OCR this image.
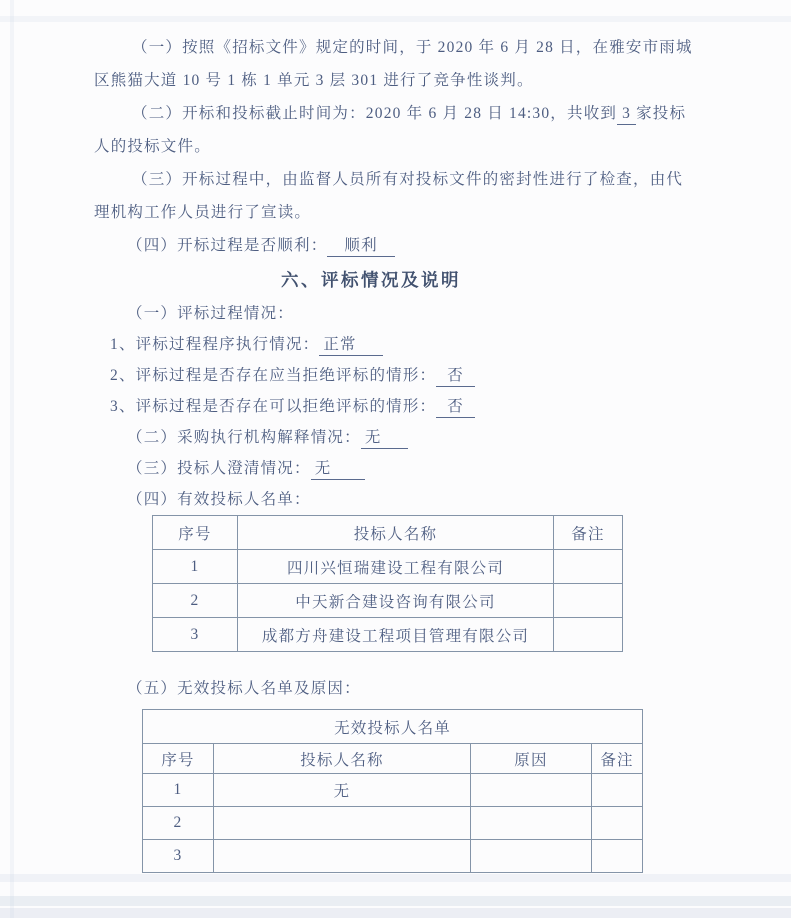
（一）按照《招标文件》规定的时间，于 2020 年 6 月 28 日，在雅安市雨城

区熊猫大道 10 号 1 栋 1 单元 3 层 301 进行了竞争性谈判。

（二）开标和投标截止时间为：2020 年 6 月 28 日 14:30，共收到 3 家投标

人的投标文件。

（三）开标过程中，由监督人员所有对投标文件的密封性进行了检查，由代

理机构工作人员进行了宣读。

（四）开标过程是否顺利： 顺利

六、评标情况及说明

（一）评标过程情况：

1、评标过程程序执行情况： 正常

2、评标过程是否存在应当拒绝评标的情形： 否

3、评标过程是否存在可以拒绝评标的情形： 否

（二）采购执行机构解释情况： 无

（三）投标人澄清情况： 无

（四）有效投标人名单：

序号	投标人名称	备注
1	四川兴恒瑞建设工程有限公司	
2	中天新合建设咨询有限公司	
3	成都方舟建设工程项目管理有限公司	

（五）无效投标人名单及原因：

无效投标人名单			
序号	投标人名称	原因	备注
1	无		
2			
3			
